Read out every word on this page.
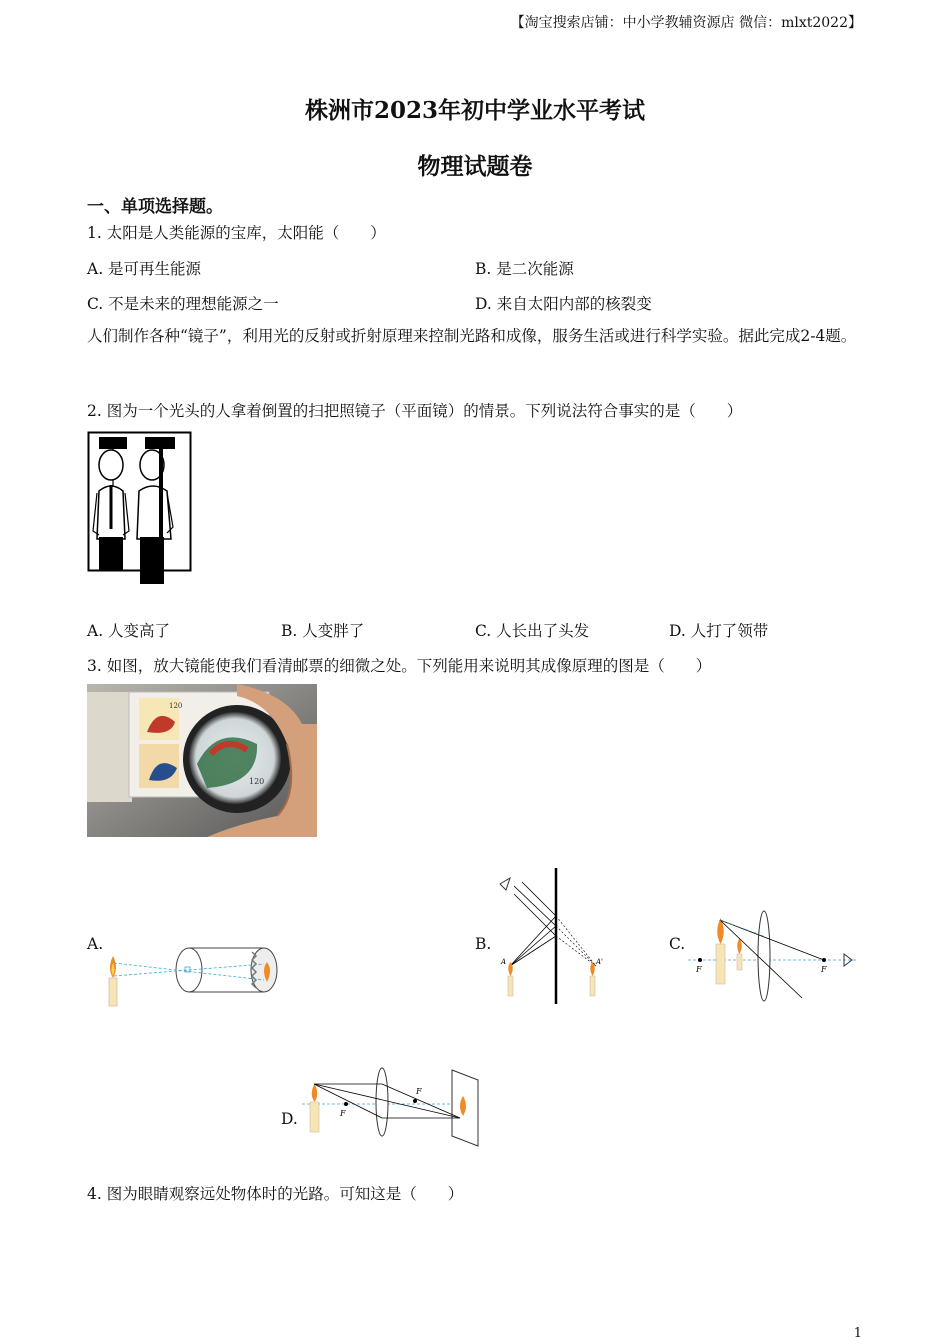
【淘宝搜索店铺：中小学教辅资源店 微信：mlxt2022】
株洲市2023年初中学业水平考试
物理试题卷
一、单项选择题。
1. 太阳是人类能源的宝库，太阳能（　　）
A. 是可再生能源	B. 是二次能源
C. 不是未来的理想能源之一	D. 来自太阳内部的核裂变
人们制作各种“镜子”，利用光的反射或折射原理来控制光路和成像，服务生活或进行科学实验。据此完成2-4题。
2. 图为一个光头的人拿着倒置的扫把照镜子（平面镜）的情景。下列说法符合事实的是（　　）
A. 人变高了	B. 人变胖了	C. 人长出了头发	D. 人打了领带
3. 如图，放大镜能使我们看清邮票的细微之处。下列能用来说明其成像原理的图是（　　）
120
120
A.	B.
A	A'
C.
F	F
D.	F
F
4. 图为眼睛观察远处物体时的光路。可知这是（　　）
1
